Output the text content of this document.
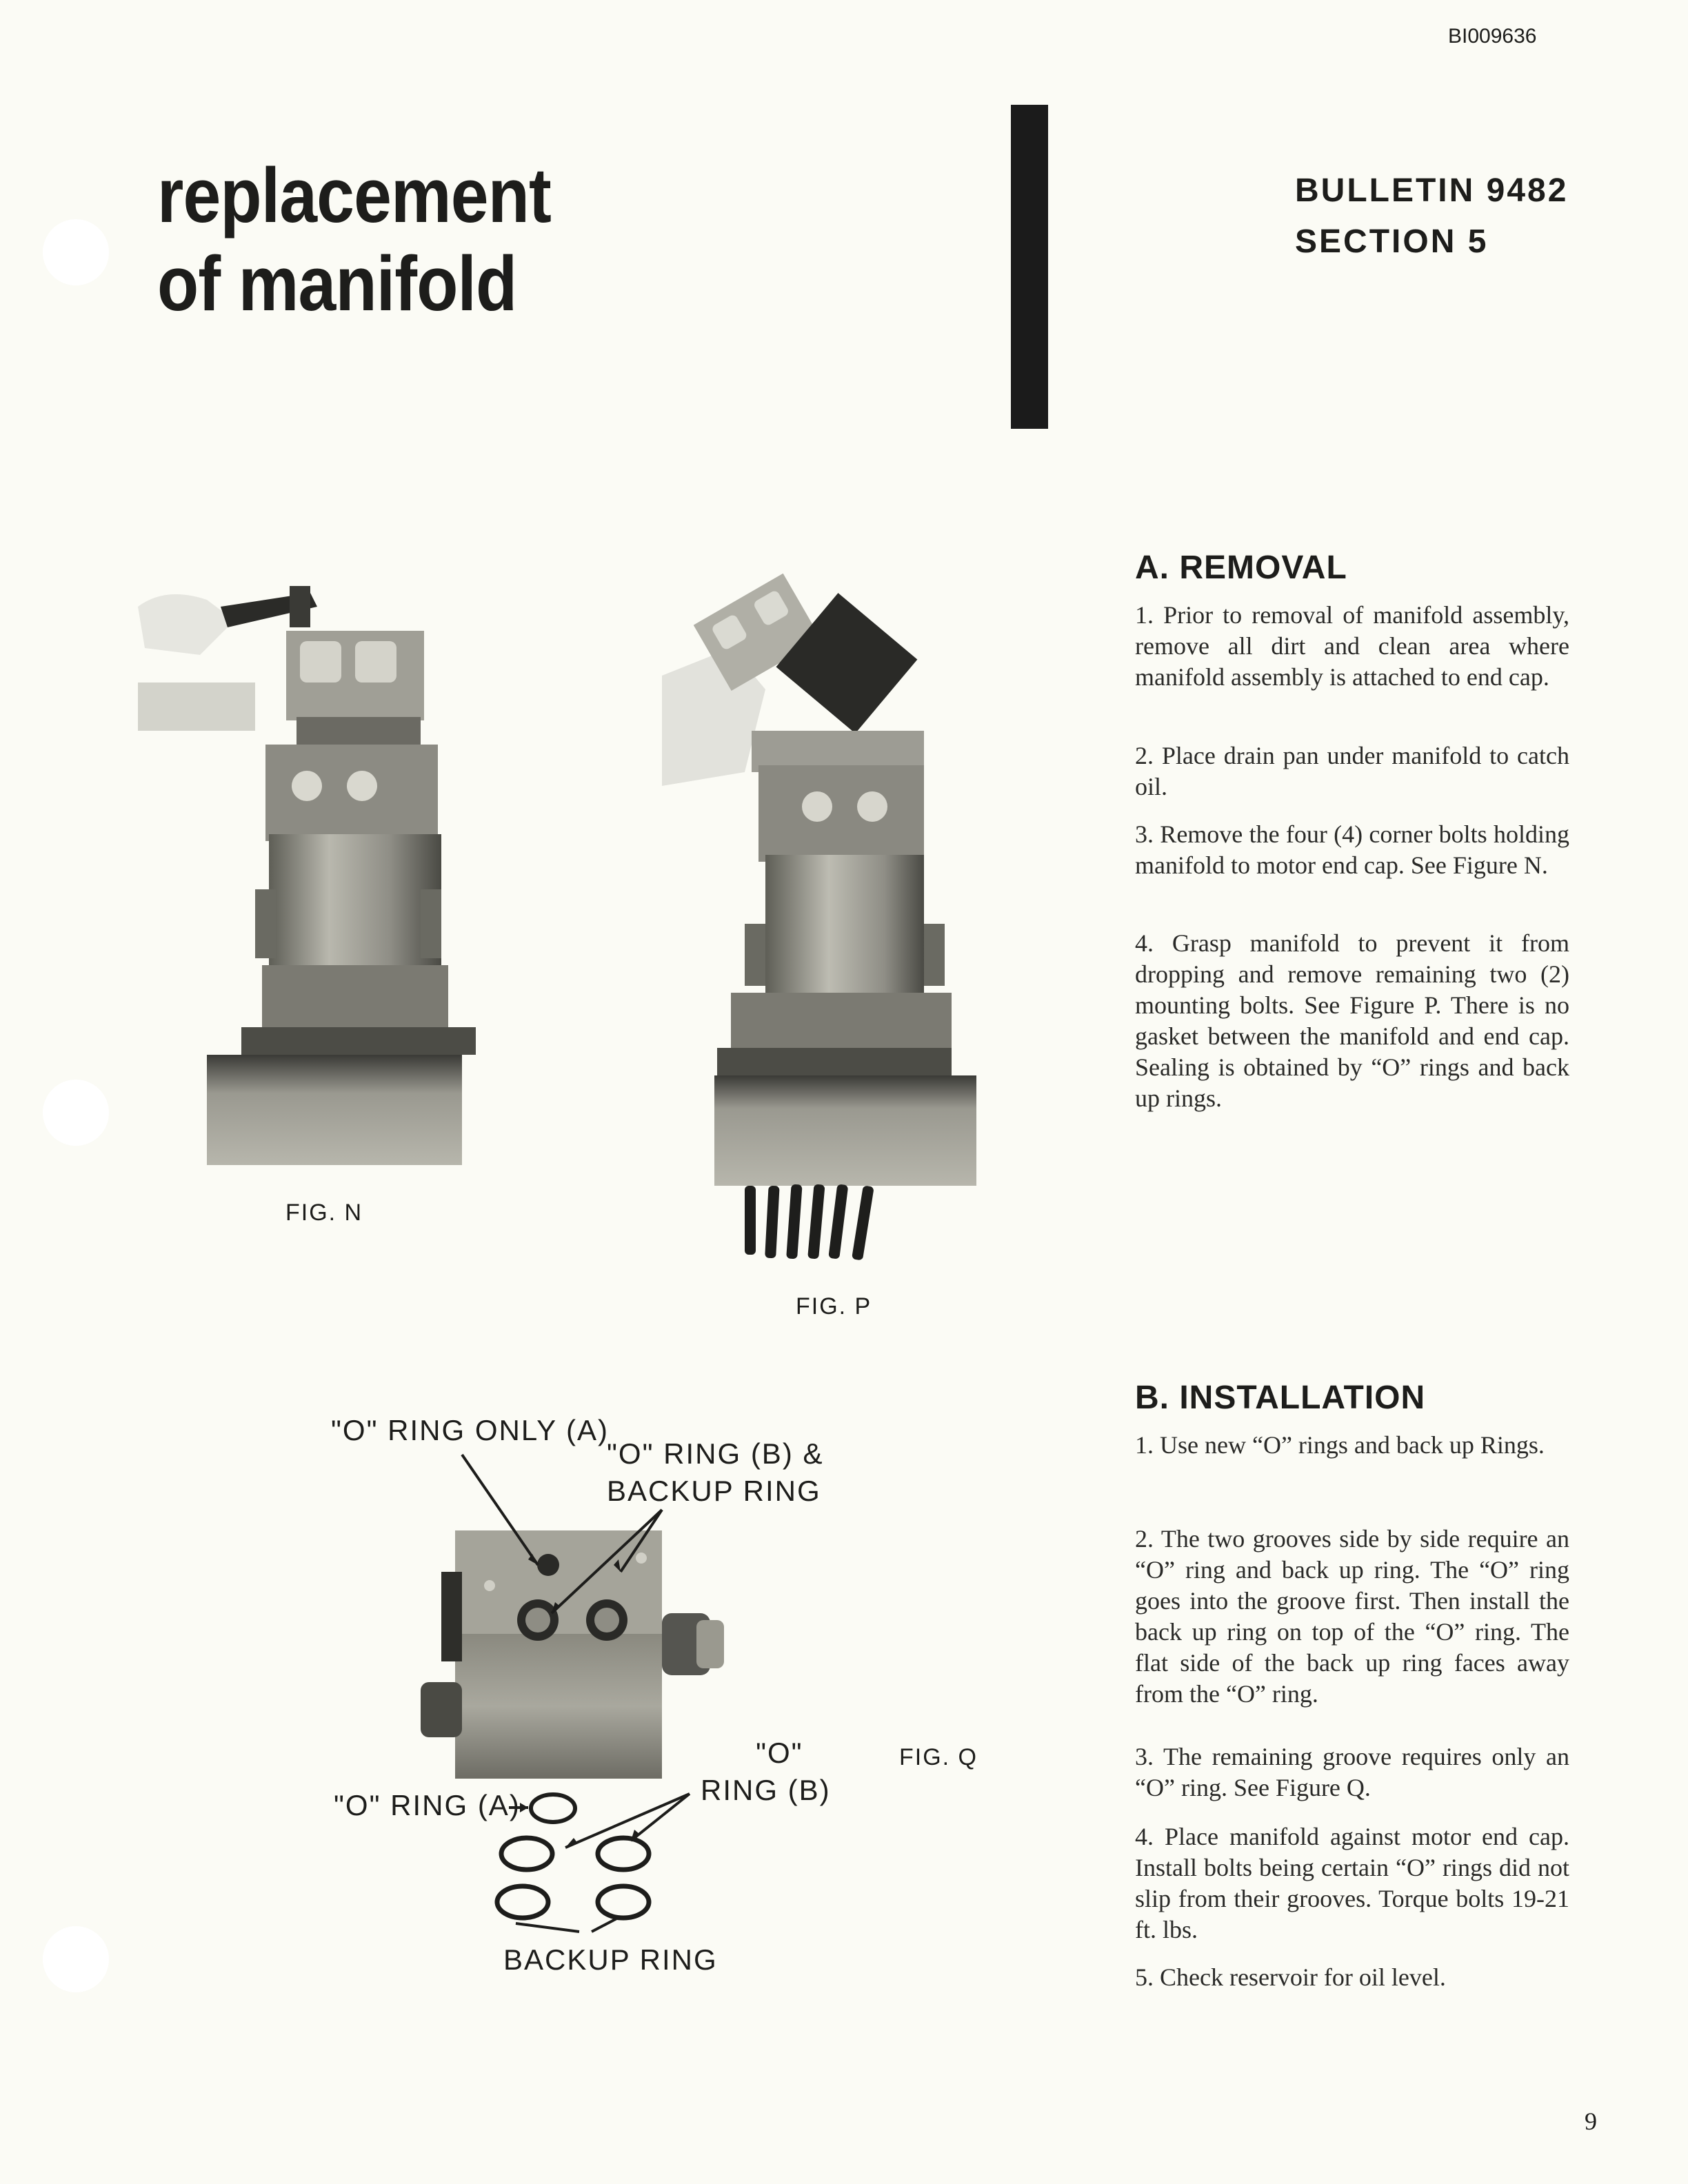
BI009636
replacement
of manifold
BULLETIN 9482
SECTION 5
FIG. N
FIG. P
"O" RING ONLY (A)
"O" RING (B) &
BACKUP RING
"O" RING (A)
"O"
RING (B)
BACKUP RING
FIG. Q
A. REMOVAL
1. Prior to removal of manifold assembly, remove all dirt and clean area where manifold assembly is attached to end cap.
2. Place drain pan under manifold to catch oil.
3. Remove the four (4) corner bolts holding manifold to motor end cap. See Figure N.
4. Grasp manifold to prevent it from dropping and remove remaining two (2) mounting bolts. See Figure P. There is no gasket between the manifold and end cap. Sealing is obtained by “O” rings and back up rings.
B. INSTALLATION
1. Use new “O” rings and back up Rings.
2. The two grooves side by side require an “O” ring and back up ring. The “O” ring goes into the groove first. Then install the back up ring on top of the “O” ring. The flat side of the back up ring faces away from the “O” ring.
3. The remaining groove requires only an “O” ring. See Figure Q.
4. Place manifold against motor end cap. Install bolts being certain “O” rings did not slip from their grooves. Torque bolts 19-21 ft. lbs.
5. Check reservoir for oil level.
9
